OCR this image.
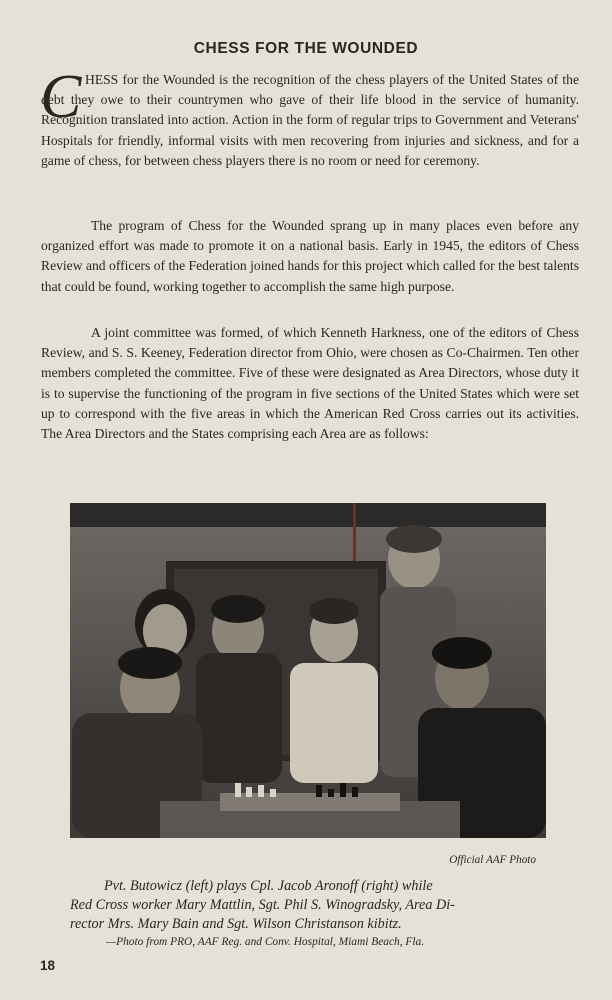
CHESS FOR THE WOUNDED
C HESS for the Wounded is the recognition of the chess players of the United States of the debt they owe to their countrymen who gave of their life blood in the service of humanity. Recognition translated into action. Action in the form of regular trips to Government and Veterans' Hospitals for friendly, informal visits with men recovering from injuries and sickness, and for a game of chess, for between chess players there is no room or need for ceremony.

The program of Chess for the Wounded sprang up in many places even before any organized effort was made to promote it on a national basis. Early in 1945, the editors of Chess Review and officers of the Federation joined hands for this project which called for the best talents that could be found, working together to accomplish the same high purpose.

A joint committee was formed, of which Kenneth Harkness, one of the editors of Chess Review, and S. S. Keeney, Federation director from Ohio, were chosen as Co-Chairmen. Ten other members completed the committee. Five of these were designated as Area Directors, whose duty it is to supervise the functioning of the program in five sections of the United States which were set up to correspond with the five areas in which the American Red Cross carries out its activities. The Area Directors and the States comprising each Area are as follows:

Official AAF Photo
Pvt. Butowicz (left) plays Cpl. Jacob Aronoff (right) while
Red Cross worker Mary Mattlin, Sgt. Phil S. Winogradsky, Area Di-
rector Mrs. Mary Bain and Sgt. Wilson Christanson kibitz.
—Photo from PRO, AAF Reg. and Conv. Hospital, Miami Beach, Fla.
18
